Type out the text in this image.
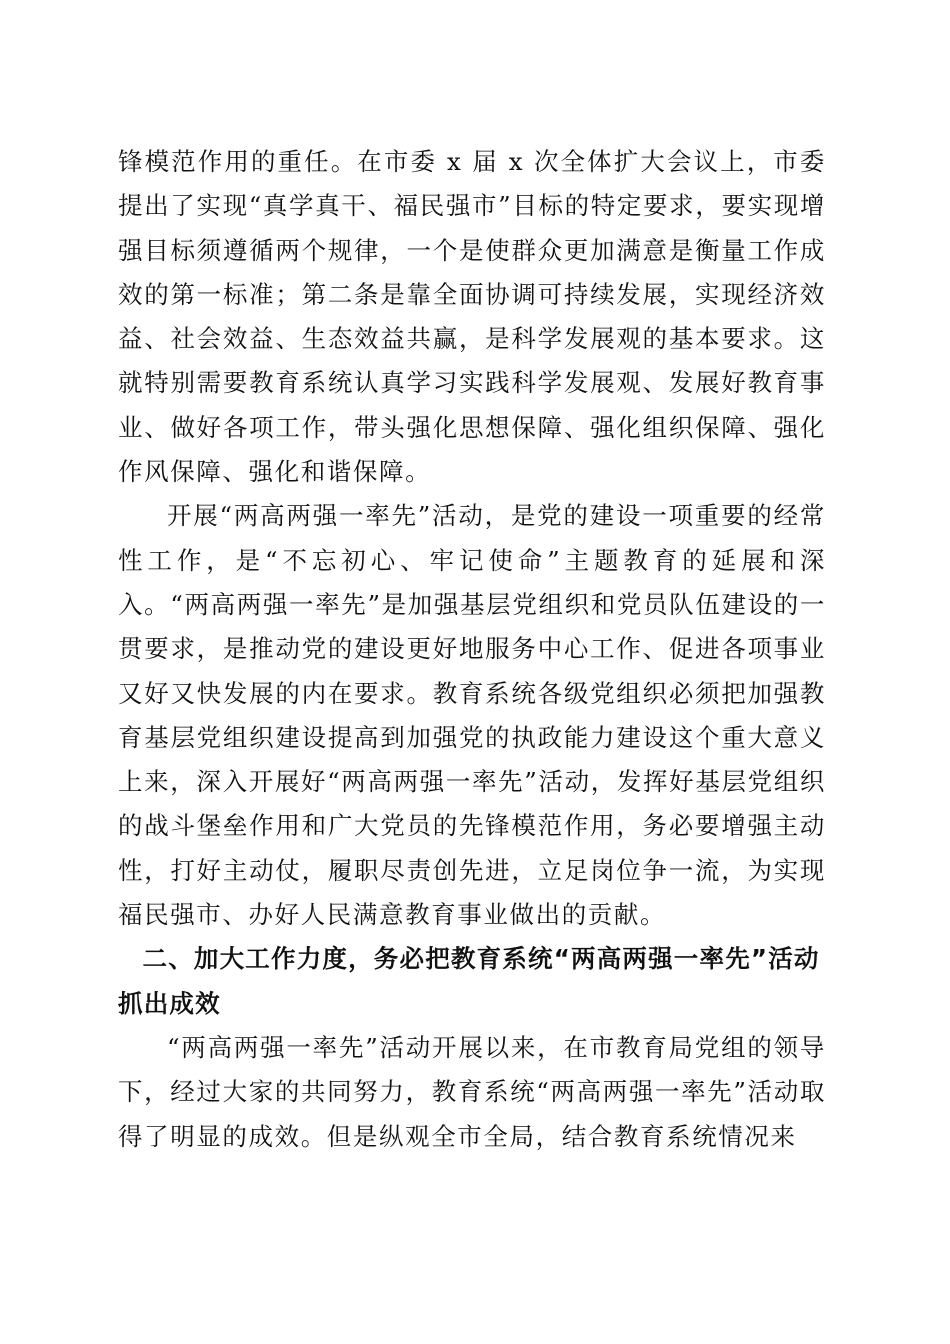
锋模范作用的重任。在市委 x 届 x 次全体扩大会议上，市委提出了实现“真学真干、福民强市”目标的特定要求，要实现增强目标须遵循两个规律，一个是使群众更加满意是衡量工作成效的第一标准；第二条是靠全面协调可持续发展，实现经济效益、社会效益、生态效益共赢，是科学发展观的基本要求。这就特别需要教育系统认真学习实践科学发展观、发展好教育事业、做好各项工作，带头强化思想保障、强化组织保障、强化作风保障、强化和谐保障。

开展“两高两强一率先”活动，是党的建设一项重要的经常性工作，是“不忘初心、牢记使命”主题教育的延展和深入。“两高两强一率先”是加强基层党组织和党员队伍建设的一贯要求，是推动党的建设更好地服务中心工作、促进各项事业又好又快发展的内在要求。教育系统各级党组织必须把加强教育基层党组织建设提高到加强党的执政能力建设这个重大意义上来，深入开展好“两高两强一率先”活动，发挥好基层党组织的战斗堡垒作用和广大党员的先锋模范作用，务必要增强主动性，打好主动仗，履职尽责创先进，立足岗位争一流，为实现福民强市、办好人民满意教育事业做出的贡献。

二、加大工作力度，务必把教育系统“两高两强一率先”活动抓出成效

“两高两强一率先”活动开展以来，在市教育局党组的领导下，经过大家的共同努力，教育系统“两高两强一率先”活动取得了明显的成效。但是纵观全市全局，结合教育系统情况来
